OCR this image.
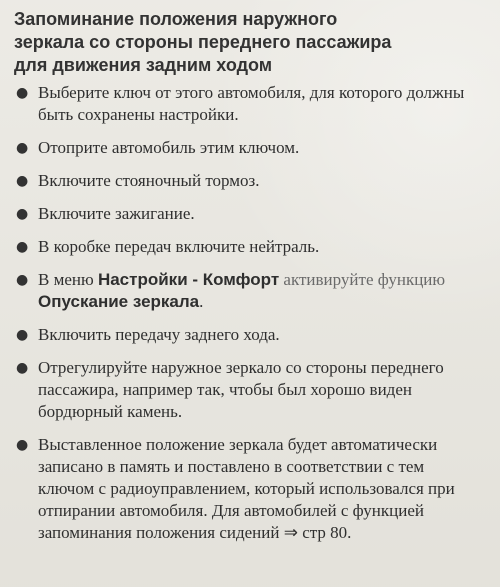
Запоминание положения наружного
зеркала со стороны переднего пассажира
для движения задним ходом
● Выберите ключ от этого автомобиля, для которого должны быть сохранены настройки.
● Отоприте автомобиль этим ключом.
● Включите стояночный тормоз.
● Включите зажигание.
● В коробке передач включите нейтраль.
● В меню Настройки - Комфорт активируйте функцию Опускание зеркала.
● Включить передачу заднего хода.
● Отрегулируйте наружное зеркало со стороны переднего пассажира, например так, чтобы был хорошо виден бордюрный камень.
● Выставленное положение зеркала будет автоматически записано в память и поставлено в соответствии с тем ключом с радиоуправлением, который использовался при отпирании автомобиля. Для автомобилей с функцией запоминания положения сидений ⇒ стр 80.
